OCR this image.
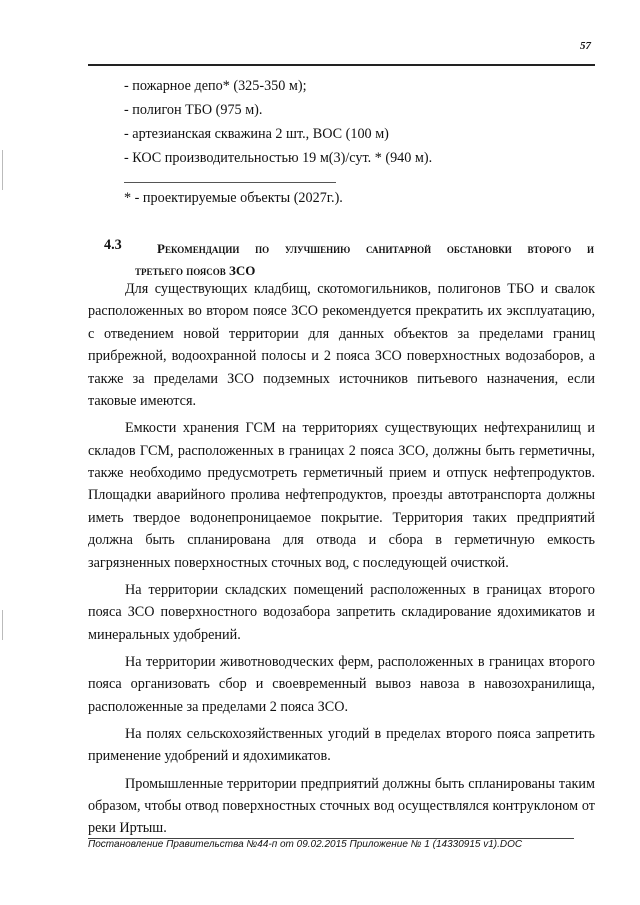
57
- пожарное депо* (325-350 м);
- полигон ТБО (975 м).
- артезианская скважина 2 шт., ВОС (100 м)
- КОС производительностью 19 м(3)/сут. * (940 м).
* - проектируемые объекты (2027г.).
4.3	Рекомендации по улучшению санитарной обстановки второго и
третьего поясов ЗСО

Для существующих кладбищ, скотомогильников, полигонов ТБО и свалок расположенных во втором поясе ЗСО рекомендуется прекратить их эксплуатацию, с отведением новой территории для данных объектов за пределами границ прибрежной, водоохранной полосы и 2 пояса ЗСО поверхностных водозаборов, а также за пределами ЗСО подземных источников питьевого назначения, если таковые имеются.

Емкости хранения ГСМ на территориях существующих нефтехранилищ и складов ГСМ, расположенных в границах 2 пояса ЗСО, должны быть герметичны, также необходимо предусмотреть герметичный прием и отпуск нефтепродуктов. Площадки аварийного пролива нефтепродуктов, проезды автотранспорта должны иметь твердое водонепроницаемое покрытие. Территория таких предприятий должна быть спланирована для отвода и сбора в герметичную емкость загрязненных поверхностных сточных вод, с последующей очисткой.

На территории складских помещений расположенных в границах второго пояса ЗСО поверхностного водозабора запретить складирование ядохимикатов и минеральных удобрений.

На территории животноводческих ферм, расположенных в границах второго пояса организовать сбор и своевременный вывоз навоза в навозохранилища, расположенные за пределами 2 пояса ЗСО.

На полях сельскохозяйственных угодий в пределах второго пояса запретить применение удобрений и ядохимикатов.

Промышленные территории предприятий должны быть спланированы таким образом, чтобы отвод поверхностных сточных вод осуществлялся контруклоном от реки Иртыш.

Постановление Правительства №44-п от 09.02.2015 Приложение № 1 (14330915 v1).DOC
